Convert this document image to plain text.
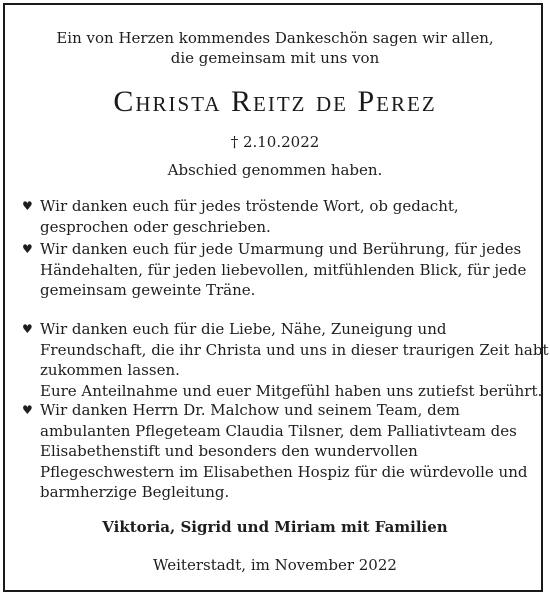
Ein von Herzen kommendes Dankeschön sagen wir allen,
die gemeinsam mit uns von
Christa Reitz de Perez
† 2.10.2022
Abschied genommen haben.
♥ Wir danken euch für jedes tröstende Wort, ob gedacht,
gesprochen oder geschrieben.
♥ Wir danken euch für jede Umarmung und Berührung, für jedes
Händehalten, für jeden liebevollen, mitfühlenden Blick, für jede
gemeinsam geweinte Träne.
♥ Wir danken euch für die Liebe, Nähe, Zuneigung und
Freundschaft, die ihr Christa und uns in dieser traurigen Zeit habt
zukommen lassen.
Eure Anteilnahme und euer Mitgefühl haben uns zutiefst berührt.
♥ Wir danken Herrn Dr. Malchow und seinem Team, dem
ambulanten Pflegeteam Claudia Tilsner, dem Palliativteam des
Elisabethenstift und besonders den wundervollen
Pflegeschwestern im Elisabethen Hospiz für die würdevolle und
barmherzige Begleitung.
Viktoria, Sigrid und Miriam mit Familien
Weiterstadt, im November 2022
